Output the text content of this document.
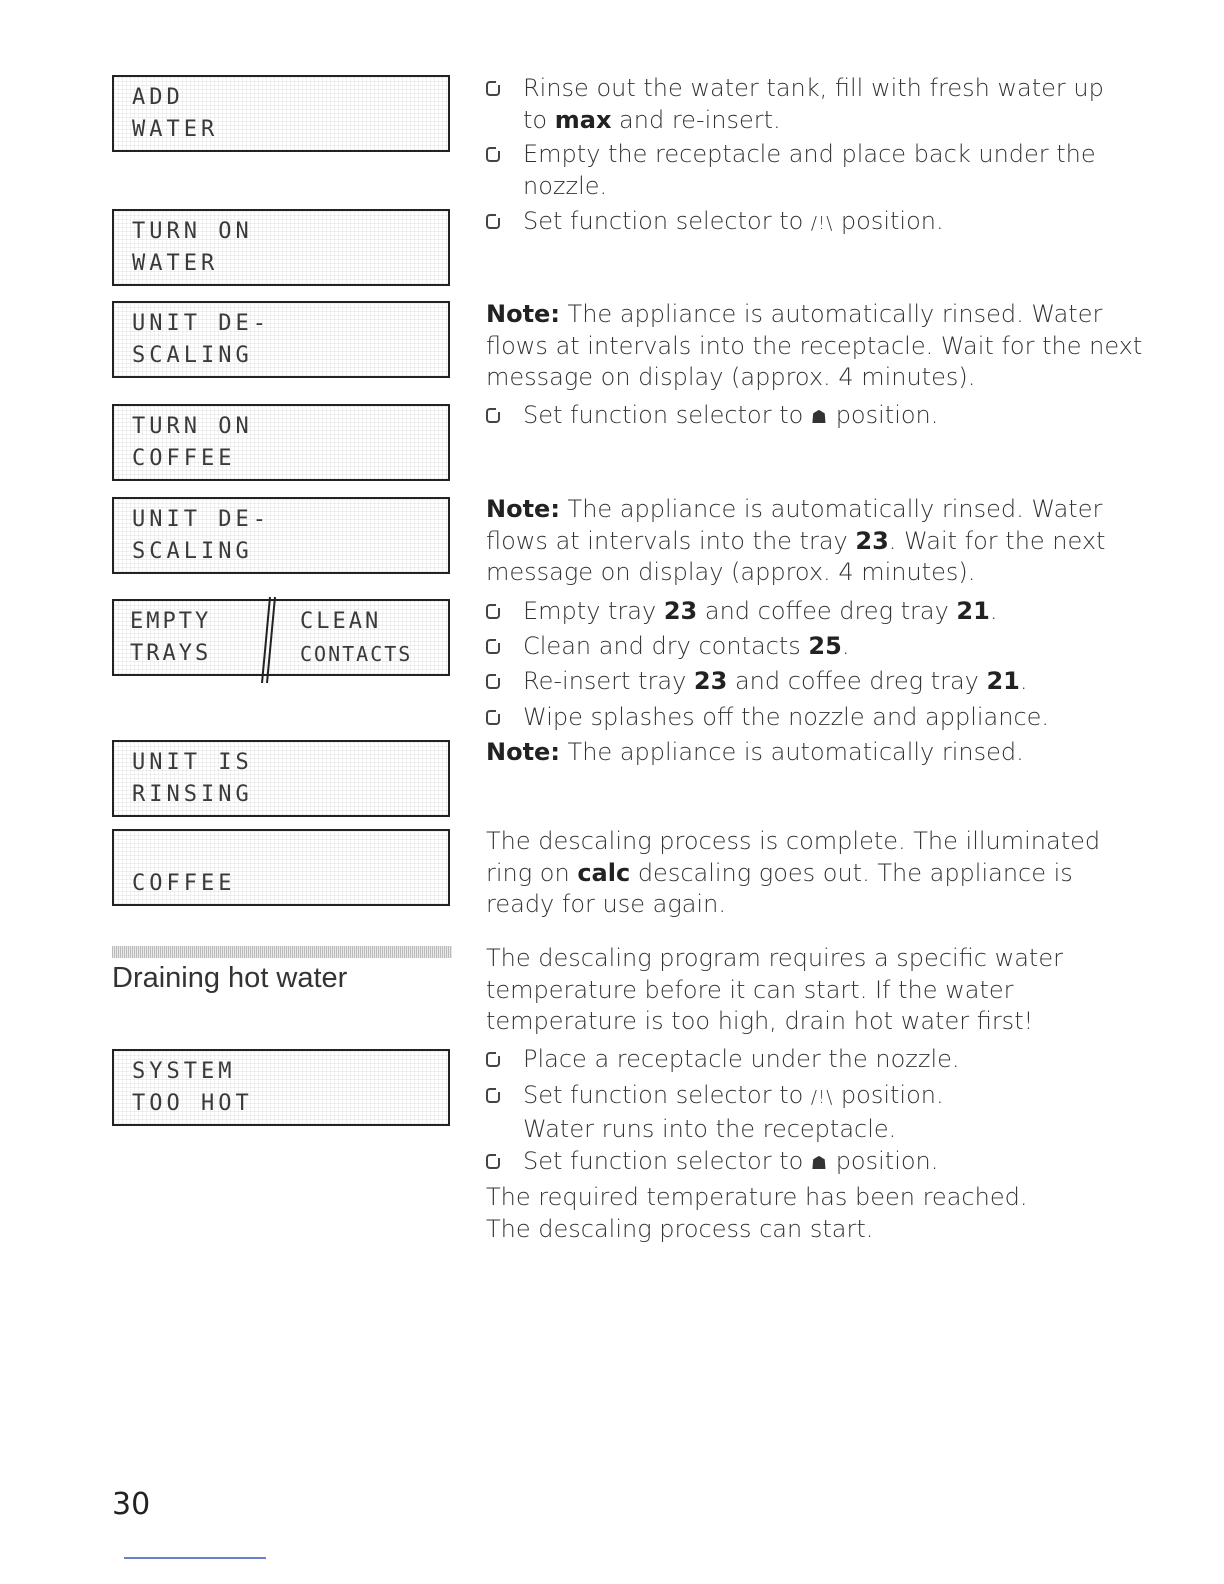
ADD
WATER
TURN ON
WATER
UNIT DE-
SCALING
TURN ON
COFFEE
UNIT DE-
SCALING
EMPTY
TRAYS
CLEAN
CONTACTS
UNIT IS
RINSING
COFFEE
Draining hot water
SYSTEM
TOO HOT
Rinse out the water tank, fill with fresh water up
to max and re-insert.
Empty the receptacle and place back under the
nozzle.
Set function selector to /!\ position.
Note: The appliance is automatically rinsed. Water
flows at intervals into the receptacle. Wait for the next
message on display (approx. 4 minutes).
Set function selector to ☗ position.
Note: The appliance is automatically rinsed. Water
flows at intervals into the tray 23. Wait for the next
message on display (approx. 4 minutes).
Empty tray 23 and coffee dreg tray 21.
Clean and dry contacts 25.
Re-insert tray 23 and coffee dreg tray 21.
Wipe splashes off the nozzle and appliance.
Note: The appliance is automatically rinsed.
The descaling process is complete. The illuminated
ring on calc descaling goes out. The appliance is
ready for use again.
The descaling program requires a specific water
temperature before it can start. If the water
temperature is too high, drain hot water first!
Place a receptacle under the nozzle.
Set function selector to /!\ position.
Water runs into the receptacle.
Set function selector to ☗ position.
The required temperature has been reached.
The descaling process can start.
30
